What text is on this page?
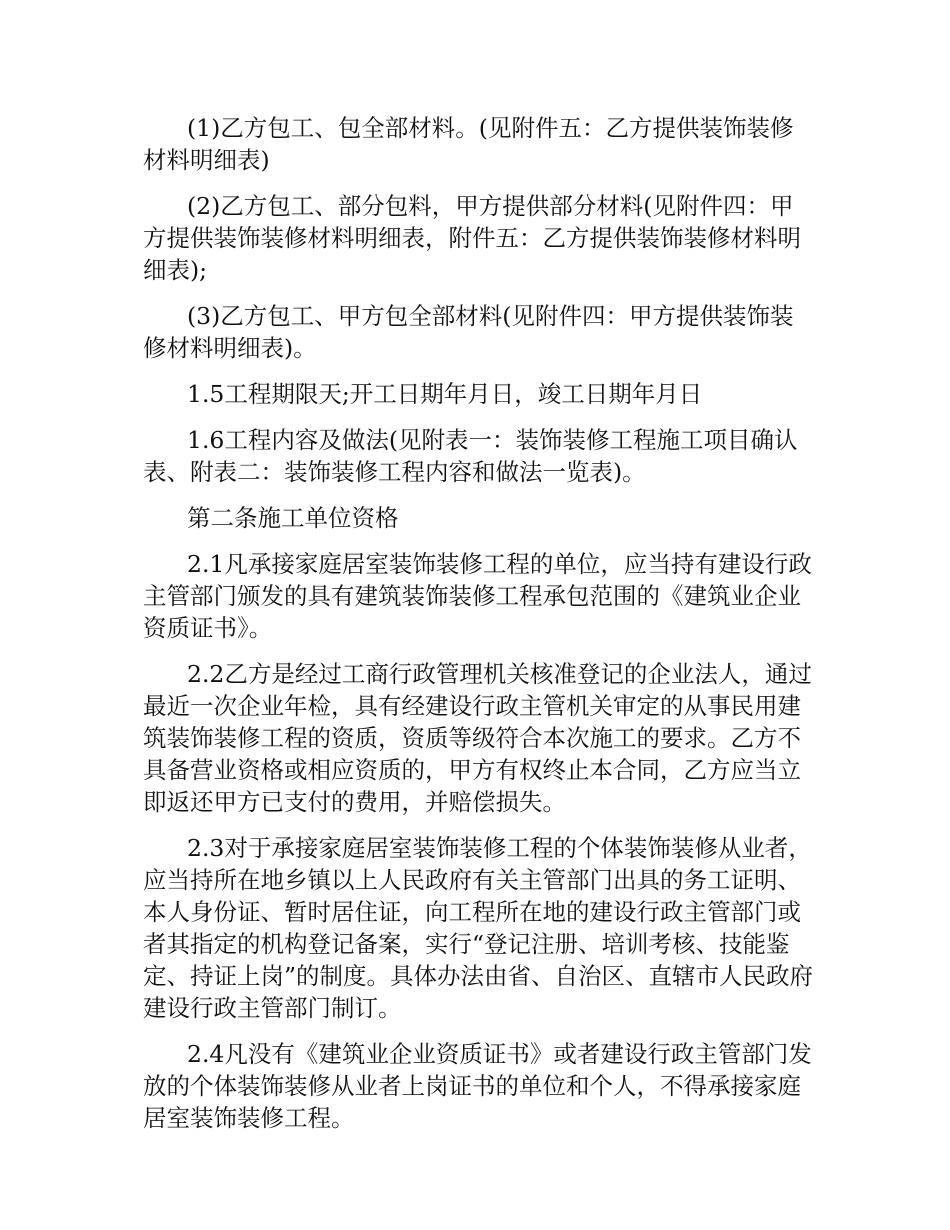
(1)乙方包工、包全部材料。(见附件五：乙方提供装饰装修材料明细表)

(2)乙方包工、部分包料，甲方提供部分材料(见附件四：甲方提供装饰装修材料明细表，附件五：乙方提供装饰装修材料明细表);

(3)乙方包工、甲方包全部材料(见附件四：甲方提供装饰装修材料明细表)。

1.5工程期限天;开工日期年月日，竣工日期年月日

1.6工程内容及做法(见附表一：装饰装修工程施工项目确认表、附表二：装饰装修工程内容和做法一览表)。

第二条施工单位资格

2.1凡承接家庭居室装饰装修工程的单位，应当持有建设行政主管部门颁发的具有建筑装饰装修工程承包范围的《建筑业企业资质证书》。

2.2乙方是经过工商行政管理机关核准登记的企业法人，通过最近一次企业年检，具有经建设行政主管机关审定的从事民用建筑装饰装修工程的资质，资质等级符合本次施工的要求。乙方不具备营业资格或相应资质的，甲方有权终止本合同，乙方应当立即返还甲方已支付的费用，并赔偿损失。

2.3对于承接家庭居室装饰装修工程的个体装饰装修从业者，应当持所在地乡镇以上人民政府有关主管部门出具的务工证明、本人身份证、暂时居住证，向工程所在地的建设行政主管部门或者其指定的机构登记备案，实行“登记注册、培训考核、技能鉴定、持证上岗”的制度。具体办法由省、自治区、直辖市人民政府建设行政主管部门制订。

2.4凡没有《建筑业企业资质证书》或者建设行政主管部门发放的个体装饰装修从业者上岗证书的单位和个人，不得承接家庭居室装饰装修工程。
